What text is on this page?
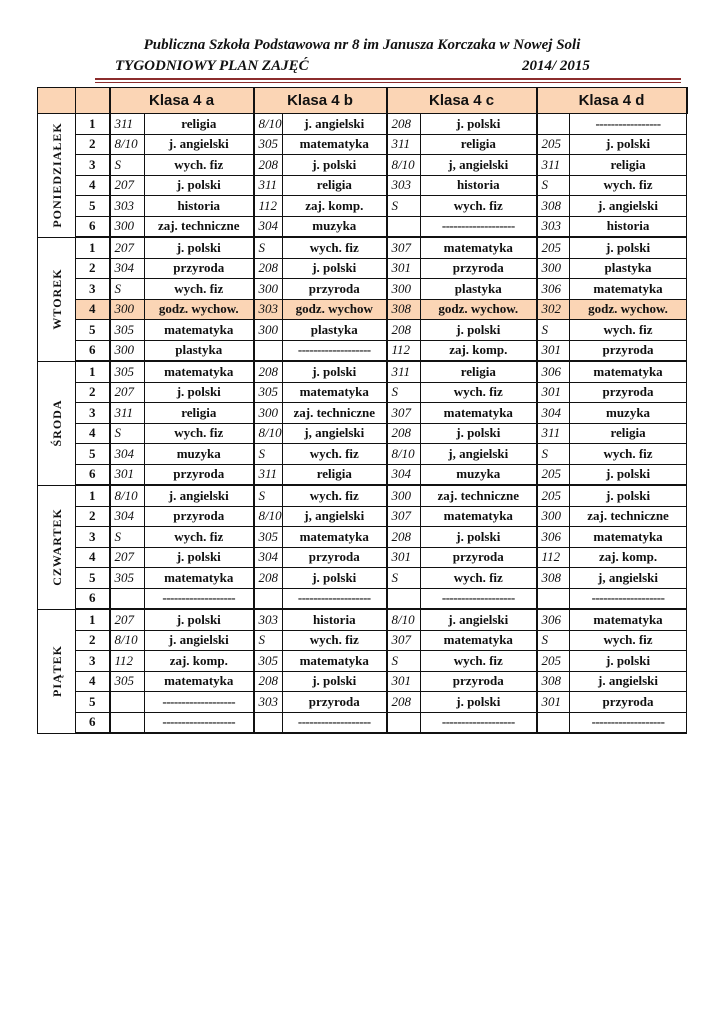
Publiczna Szkoła Podstawowa nr 8 im Janusza Korczaka w Nowej Soli
TYGODNIOWY PLAN ZAJĘĆ	2014/ 2015
		Klasa 4 a		Klasa 4 b		Klasa 4 c		Klasa 4 d	

PONIEDZIAŁEK	1	311	religia	8/10	j. angielski	208	j. polski		-----------------
	2	8/10	j. angielski	305	matematyka	311	religia	205	j. polski
	3	S	wych. fiz	208	j. polski	8/10	j, angielski	311	religia
	4	207	j. polski	311	religia	303	historia	S	wych. fiz
	5	303	historia	112	zaj. komp.	S	wych. fiz	308	j. angielski
	6	300	zaj. techniczne	304	muzyka		-------------------	303	historia

WTOREK	1	207	j. polski	S	wych. fiz	307	matematyka	205	j. polski
	2	304	przyroda	208	j. polski	301	przyroda	300	plastyka
	3	S	wych. fiz	300	przyroda	300	plastyka	306	matematyka
	4	300	godz. wychow.	303	godz. wychow	308	godz. wychow.	302	godz. wychow.
	5	305	matematyka	300	plastyka	208	j. polski	S	wych. fiz
	6	300	plastyka		-------------------	112	zaj. komp.	301	przyroda

ŚRODA	1	305	matematyka	208	j. polski	311	religia	306	matematyka
	2	207	j. polski	305	matematyka	S	wych. fiz	301	przyroda
	3	311	religia	300	zaj. techniczne	307	matematyka	304	muzyka
	4	S	wych. fiz	8/10	j, angielski	208	j. polski	311	religia
	5	304	muzyka	S	wych. fiz	8/10	j, angielski	S	wych. fiz
	6	301	przyroda	311	religia	304	muzyka	205	j. polski

CZWARTEK	1	8/10	j. angielski	S	wych. fiz	300	zaj. techniczne	205	j. polski
	2	304	przyroda	8/10	j, angielski	307	matematyka	300	zaj. techniczne
	3	S	wych. fiz	305	matematyka	208	j. polski	306	matematyka
	4	207	j. polski	304	przyroda	301	przyroda	112	zaj. komp.
	5	305	matematyka	208	j. polski	S	wych. fiz	308	j, angielski
	6		-------------------		-------------------		-------------------		-------------------

PIĄTEK	1	207	j. polski	303	historia	8/10	j. angielski	306	matematyka
	2	8/10	j. angielski	S	wych. fiz	307	matematyka	S	wych. fiz
	3	112	zaj. komp.	305	matematyka	S	wych. fiz	205	j. polski
	4	305	matematyka	208	j. polski	301	przyroda	308	j. angielski
	5		-------------------	303	przyroda	208	j. polski	301	przyroda
	6		-------------------		-------------------		-------------------		-------------------
